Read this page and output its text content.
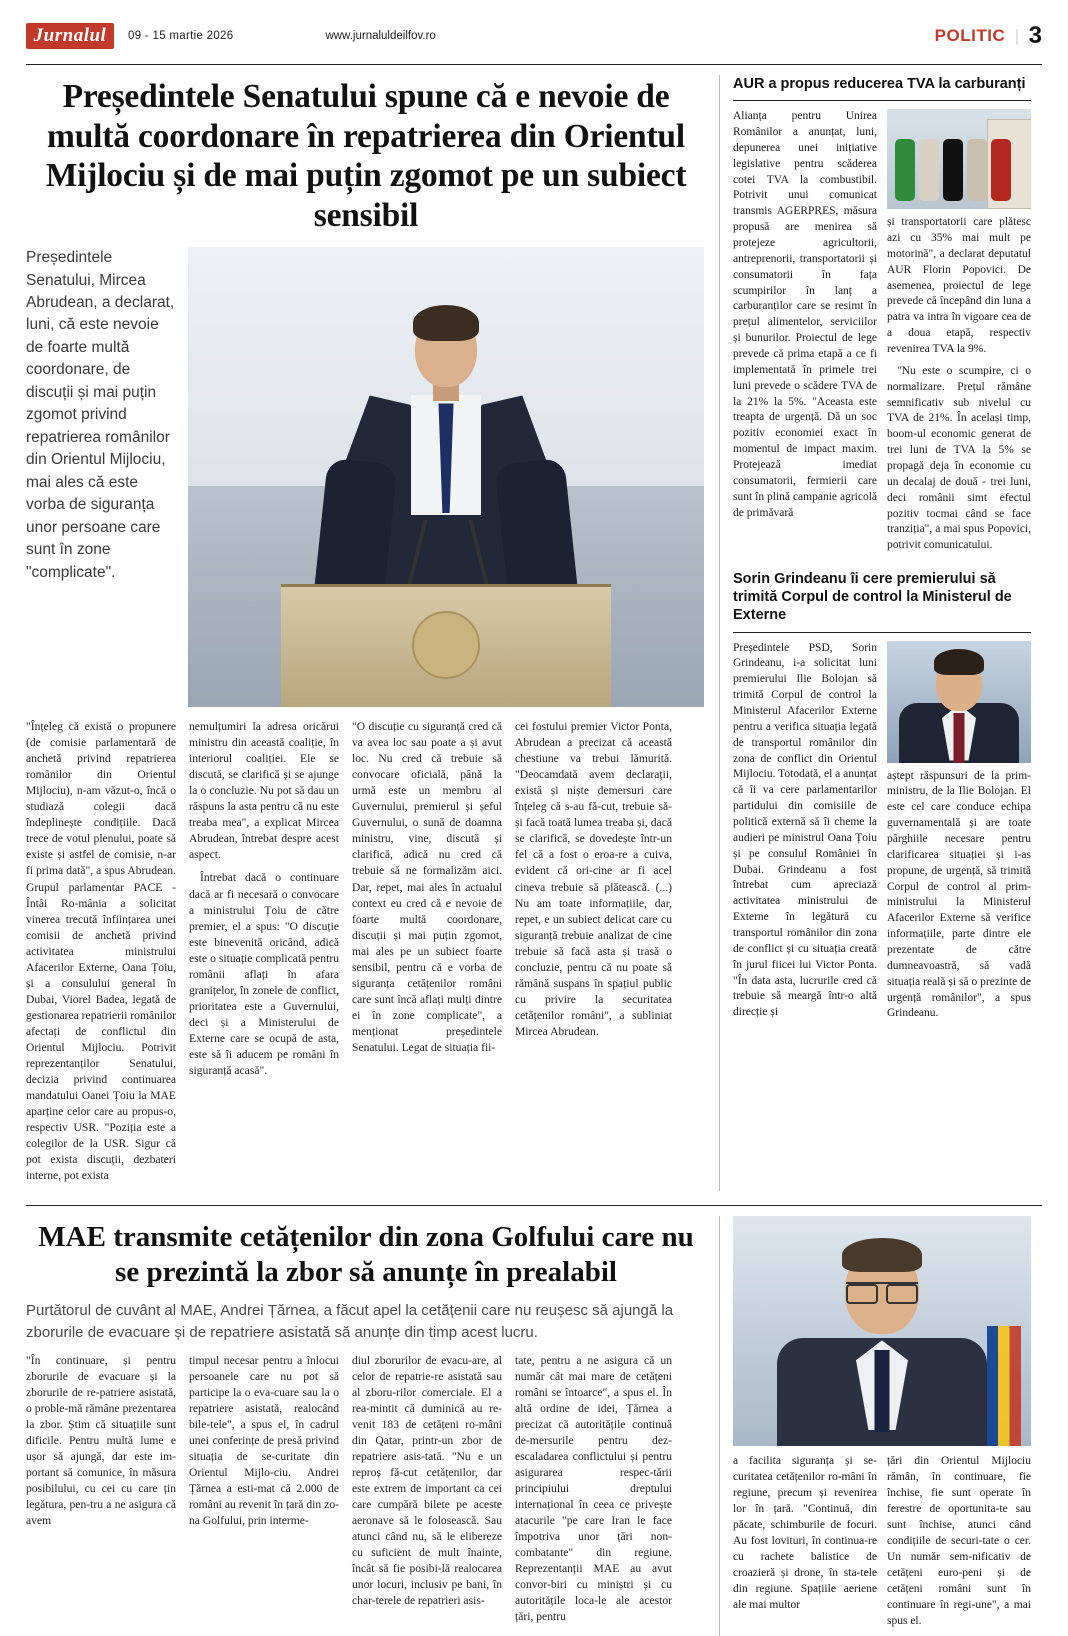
Jurnalul	09 - 15 martie 2026	www.jurnaluldeilfov.ro	POLITIC | 3
Președintele Senatului spune că e nevoie de multă coordonare în repatrierea din Orientul Mijlociu și de mai puțin zgomot pe un subiect sensibil
Președintele Senatului, Mircea Abrudean, a declarat, luni, că este nevoie de foarte multă coordonare, de discuții și mai puțin zgomot privind repatrierea românilor din Orientul Mijlociu, mai ales că este vorba de siguranța unor persoane care sunt în zone "complicate".

"Înțeleg că există o propunere (de comisie parlamentară de anchetă privind repatrierea românilor din Orientul Mijlociu), n-am văzut-o, încă o studiază colegii dacă îndeplinește condițiile. Dacă trece de votul plenului, poate să existe și astfel de comisie, n-ar fi prima dată", a spus Abrudean. Grupul parlamentar PACE - Întâi Ro-mânia a solicitat vinerea trecută înființarea unei comisii de anchetă privind activitatea ministrului Afacerilor Externe, Oana Țoiu, și a consulului general în Dubai, Viorel Badea, legată de gestionarea repatrierii românilor afectați de conflictul din Orientul Mijlociu. Potrivit reprezentanților Senatului, decizia privind continuarea mandatului Oanei Țoiu la MAE aparține celor care au propus-o, respectiv USR. "Poziția este a colegilor de la USR. Sigur că pot exista discuții, dezbateri interne, pot exista

nemulțumiri la adresa oricărui ministru din această coaliție, în interiorul coaliției. Ele se discută, se clarifică și se ajunge la o concluzie. Nu pot să dau un răspuns la asta pentru că nu este treaba mea", a explicat Mircea Abrudean, întrebat despre acest aspect.

Întrebat dacă o continuare dacă ar fi necesară o convocare a ministrului Țoiu de către premier, el a spus: "O discuție este binevenită oricând, adică este o situație complicată pentru românii aflați în afara granițelor, în zonele de conflict, prioritatea este a Guvernului, deci și a Ministerului de Externe care se ocupă de asta, este să îi aducem pe români în siguranță acasă".

"O discuție cu siguranță cred că va avea loc sau poate a și avut loc. Nu cred că trebuie să convocare oficială, până la urmă este un membru al Guvernului, premierul și șeful Guvernului, o sună de doamna ministru, vine, discută și clarifică, adică nu cred că trebuie să ne formalizăm aici. Dar, repet, mai ales în actualul context eu cred că e nevoie de foarte multă coordonare, discuții și mai puțin zgomot, mai ales pe un subiect foarte sensibil, pentru că e vorba de siguranța cetățenilor români care sunt încă aflați mulți dintre ei în zone complicate", a menționat președintele Senatului. Legat de situația fii-

cei fostului premier Victor Ponta, Abrudean a precizat că această chestiune va trebui lămurită. "Deocamdată avem declarații, există și niște demersuri care înțeleg că s-au fă-cut, trebuie să-și facă toată lumea treaba și, dacă se clarifică, se dovedește într-un fel că a fost o eroa-re a cuiva, evident că ori-cine ar fi acel cineva trebuie să plătească. (...) Nu am toate informațiile, dar, repet, e un subiect delicat care cu siguranță trebuie analizat de cine trebuie să facă asta și trasă o concluzie, pentru că nu poate să rămână suspans în spațiul public cu privire la securitatea cetățenilor români", a subliniat Mircea Abrudean.

AUR a propus reducerea TVA la carburanți

Alianța pentru Unirea Românilor a anunțat, luni, depunerea unei inițiative legislative pentru scăderea cotei TVA la combustibil. Potrivit unui comunicat transmis AGERPRES, măsura propusă are menirea să protejeze agricultorii, antreprenorii, transportatorii și consumatorii în fața scumpirilor în lanț a carburanților care se resimt în prețul alimentelor, serviciilor și bunurilor. Proiectul de lege prevede că prima etapă a ce fi implementată în primele trei luni prevede o scădere TVA de la 21% la 5%. "Aceasta este treapta de urgență. Dă un soc pozitiv economiei exact în momentul de impact maxim. Protejează imediat consumatorii, fermierii care sunt în plină campanie agricolă de primăvară

și transportatorii care plătesc azi cu 35% mai mult pe motorină", a declarat deputatul AUR Florin Popovici. De asemenea, proiectul de lege prevede că începând din luna a patra va intra în vigoare cea de a doua etapă, respectiv revenirea TVA la 9%.

"Nu este o scumpire, ci o normalizare. Prețul rămâne semnificativ sub nivelul cu TVA de 21%. În același timp, boom-ul economic generat de trei luni de TVA la 5% se propagă deja în economie cu un decalaj de două - trei luni, deci românii simt efectul pozitiv tocmai când se face tranziția", a mai spus Popovici, potrivit comunicatului.

Sorin Grindeanu îi cere premierului să trimită Corpul de control la Ministerul de Externe

Președintele PSD, Sorin Grindeanu, i-a solicitat luni premierului Ilie Bolojan să trimită Corpul de control la Ministerul Afacerilor Externe pentru a verifica situația legată de transportul românilor din zona de conflict din Orientul Mijlociu. Totodată, el a anunțat că îi va cere parlamentarilor partidului din comisiile de politică externă să îi cheme la audieri pe ministrul Oana Țoiu și pe consulul României în Dubai. Grindeanu a fost întrebat cum apreciază activitatea ministrului de Externe în legătură cu transportul românilor din zona de conflict și cu situația creată în jurul fiicei lui Victor Ponta. "În data asta, lucrurile cred că trebuie să meargă într-o altă direcție și

aștept răspunsuri de la prim-ministru, de la Ilie Bolojan. El este cel care conduce echipa guvernamentală și are toate pârghiile necesare pentru clarificarea situației și i-as propune, de urgență, să trimită Corpul de control al prim-ministrului la Ministerul Afacerilor Externe să verifice informațiile, parte dintre ele prezentate de către dumneavoastră, să vadă situația reală și să o prezinte de urgență românilor", a spus Grindeanu.

MAE transmite cetățenilor din zona Golfului care nu se prezintă la zbor să anunțe în prealabil
Purtătorul de cuvânt al MAE, Andrei Țărnea, a făcut apel la cetățenii care nu reușesc să ajungă la zborurile de evacuare și de repatriere asistată să anunțe din timp acest lucru.

"În continuare, și pentru zborurile de evacuare și la zborurile de re-patriere asistată, o proble-mă rămâne prezentarea la zbor. Știm că situațiile sunt dificile. Pentru multă lume e ușor să ajungă, dar este im-portant să comunice, în măsura posibilului, cu cei cu care țin legătura, pen-tru a ne asigura că avem

timpul necesar pentru a înlocui persoanele care nu pot să participe la o eva-cuare sau la o repatriere asistată, realocând bile-tele", a spus el, în cadrul unei conferințe de presă privind situația de se-curitate din Orientul Mijlo-ciu. Andrei Țărnea a esti-mat că 2.000 de români au revenit în țară din zo-na Golfului, prin interme-

diul zborurilor de evacu-are, al celor de repatrie-re asistată sau al zboru-rilor comerciale. El a rea-mintit că duminică au re-venit 183 de cetățeni ro-mâni din Qatar, printr-un zbor de repatriere asis-tată. "Nu e un reproș fă-cut cetățenilor, dar este extrem de important ca cei care cumpără bilete pe aceste aeronave să le folosească. Sau atunci când nu, să le elibereze cu suficient de mult înainte, încât să fie posibi-lă realocarea unor locuri, inclusiv pe bani, în char-terele de repatrieri asis-

tate, pentru a ne asigura că un număr cât mai mare de cetățeni români se întoarce", a spus el. În altă ordine de idei, Țărnea a precizat că autoritățile continuă de-mersurile pentru dez-escaladarea conflictului și pentru asigurarea respec-tării principiului dreptului internațional în ceea ce privește atacurile "pe care Iran le face împotriva unor țări non-combatante" din regiune. Reprezentanții MAE au avut convor-biri cu miniștri și cu autoritățile loca-le ale acestor țări, pentru

a facilita siguranța și se-curitatea cetățenilor ro-mâni în regiune, precum și revenirea lor în țară. "Continuă, din păcate, schimburile de focuri. Au fost lovituri, în continua-re cu rachete balistice de croazieră și drone, în sta-tele din regiune. Spațiile aeriene ale mai multor

țări din Orientul Mijlociu rămân, în continuare, fie închise, fie sunt operate în ferestre de oportunita-te sau sunt închise, atunci când condițiile de securi-tate o cer. Un număr sem-nificativ de cetățeni euro-peni și de cetățeni români sunt în continuare în regi-une", a mai spus el.
